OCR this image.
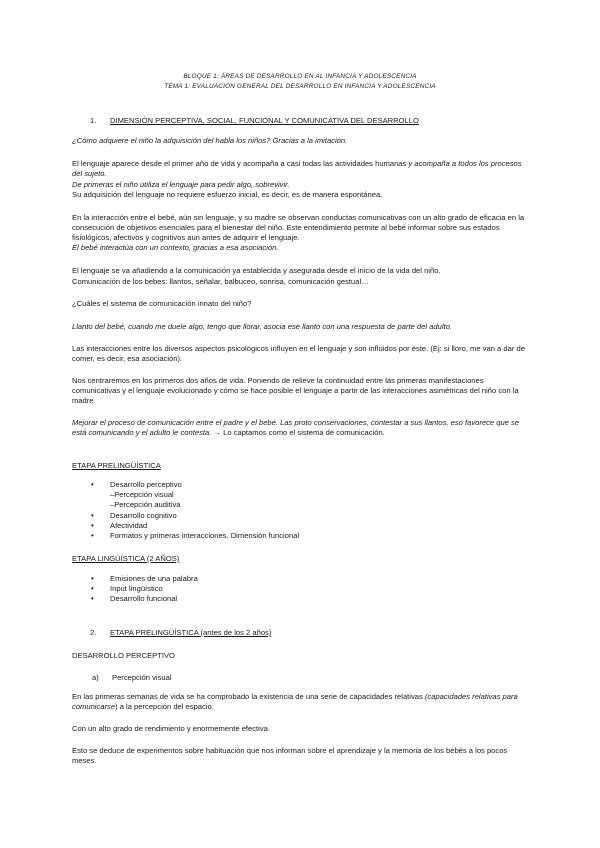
BLOQUE 1: ÁREAS DE DESARROLLO EN AL INFANCIA Y ADOLESCENCIA

TEMA 1: EVALUACIÓN GENERAL DEL DESARROLLO EN INFANCIA Y ADOLESCENCIA

1. DIMENSIÓN PERCEPTIVA, SOCIAL, FUNCIONAL Y COMUNICATIVA DEL DESARROLLO

¿Cómo adquiere el niño la adquisición del habla los niños? Gracias a la imitación.

El lenguaje aparece desde el primer año de vida y acompaña a casi todas las actividades humanas y acompaña a todos los procesos del sujeto.

De primeras el niño utiliza el lenguaje para pedir algo, sobrevivir.

Su adquisición del lenguaje no requiere esfuerzo inicial, es decir, es de manera espontánea.

En la interacción entre el bebé, aún sin lenguaje, y su madre se observan conductas comunicativas con un alto grado de eficacia en la consecución de objetivos esenciales para el bienestar del niño. Este entendimiento permite al bebé informar sobre sus estados fisiológicos, afectivos y cognitivos aun antes de adquirir el lenguaje.

El bebé interactúa con un contexto, gracias a esa asociación.

El lenguaje se va añadiendo a la comunicación ya establecida y asegurada desde el inicio de la vida del niño.

Comunicación de los bebes: llantos, señalar, balbuceo, sonrisa, comunicación gestual…

¿Cuáles el sistema de comunicación innato del niño?

Llanto del bebé, cuando me duele algo, tengo que llorar, asocia ese llanto con una respuesta de parte del adulto.

Las interacciones entre los diversos aspectos psicológicos influyen en el lenguaje y son influidos por éste. (Ej: si lloro, me van a dar de comer, es decir, esa asociación).

Nos centraremos en los primeros dos años de vida. Poniendo de relieve la continuidad entre las primeras manifestaciones comunicativas y el lenguaje evolucionado y cómo se hace posible el lenguaje a partir de las interacciones asimétricas del niño con la madre.

Mejorar el proceso de comunicación entre el padre y el bebé. Las proto conservaciones, contestar a sus llantos, eso favorece que se está comunicando y el adulto le contesta. → Lo captamos como el sistema de comunicación.

ETAPA PRELINGÜÍSTICA

• Desarrollo perceptivo
–Percepción visual
–Percepción auditiva
• Desarrollo cognitivo
• Afectividad
• Formatos y primeras interacciones. Dimensión funcional

ETAPA LINGÜÍSTICA (2 AÑOS)

• Emisiones de una palabra
• Input lingüístico
• Desarrollo funcional
2. ETAPA PRELINGÜÍSTICA (antes de los 2 años)

DESARROLLO PERCEPTIVO

a) Percepción visual

En las primeras semanas de vida se ha comprobado la existencia de una serie de capacidades relativas (capacidades relativas para comunicarse) a la percepción del espacio.

Con un alto grado de rendimiento y enormemente efectiva.

Esto se deduce de experimentos sobre habituación que nos informan sobre el aprendizaje y la memoria de los bebés a los pocos meses.
